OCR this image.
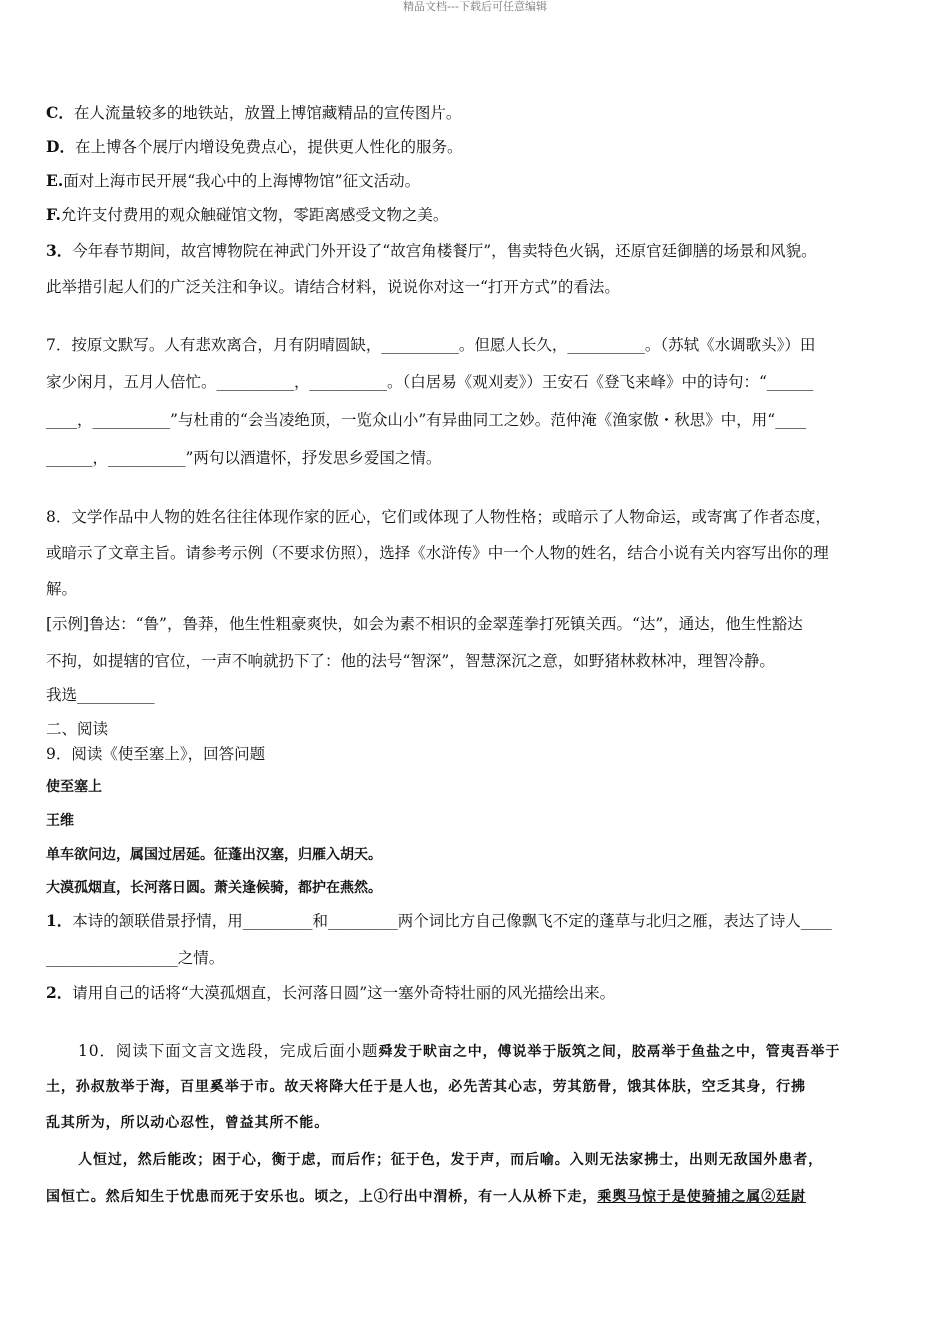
精品文档---下载后可任意编辑
C．在人流量较多的地铁站，放置上博馆藏精品的宣传图片。
D．在上博各个展厅内增设免费点心，提供更人性化的服务。
E.面对上海市民开展“我心中的上海博物馆”征文活动。
F.允许支付费用的观众触碰馆文物，零距离感受文物之美。
3．今年春节期间，故宫博物院在神武门外开设了“故宫角楼餐厅”，售卖特色火锅，还原官廷御膳的场景和风貌。
此举措引起人们的广泛关注和争议。请结合材料，说说你对这一“打开方式”的看法。
7．按原文默写。人有悲欢离合，月有阴晴圆缺，__________。但愿人长久，__________。（苏轼《水调歌头》）田
家少闲月，五月人倍忙。__________，__________。（白居易《观刈麦》）王安石《登飞来峰》中的诗句：“______
____，__________”与杜甫的“会当凌绝顶，一览众山小”有异曲同工之妙。范仲淹《渔家傲・秋思》中，用“____
______，__________”两句以酒遣怀，抒发思乡爱国之情。
8．文学作品中人物的姓名往往体现作家的匠心，它们或体现了人物性格；或暗示了人物命运，或寄寓了作者态度，
或暗示了文章主旨。请参考示例（不要求仿照），选择《水浒传》中一个人物的姓名，结合小说有关内容写出你的理
解。
[示例]鲁达：“鲁”，鲁莽，他生性粗豪爽快，如会为素不相识的金翠莲拳打死镇关西。“达”，通达，他生性豁达
不拘，如提辖的官位，一声不响就扔下了：他的法号“智深”，智慧深沉之意，如野猪林救林冲，理智冷静。
我选__________
二、阅读
9．阅读《使至塞上》，回答问题
使至塞上
王维
单车欲问边，属国过居延。征蓬出汉塞，归雁入胡天。
大漠孤烟直，长河落日圆。萧关逢候骑，都护在燕然。
1．本诗的颔联借景抒情，用_________和_________两个词比方自己像飘飞不定的蓬草与北归之雁，表达了诗人____
_________________之情。
2．请用自己的话将“大漠孤烟直，长河落日圆”这一塞外奇特壮丽的风光描绘出来。
10．阅读下面文言文选段，完成后面小题舜发于畎亩之中，傅说举于版筑之间，胶鬲举于鱼盐之中，管夷吾举于
土，孙叔敖举于海，百里奚举于市。故天将降大任于是人也，必先苦其心志，劳其筋骨，饿其体肤，空乏其身，行拂
乱其所为，所以动心忍性，曾益其所不能。
人恒过，然后能改；困于心，衡于虑，而后作；征于色，发于声，而后喻。入则无法家拂士，出则无敌国外患者，
国恒亡。然后知生于忧患而死于安乐也。顷之，上①行出中渭桥，有一人从桥下走，乘舆马惊于是使骑捕之属②廷尉
